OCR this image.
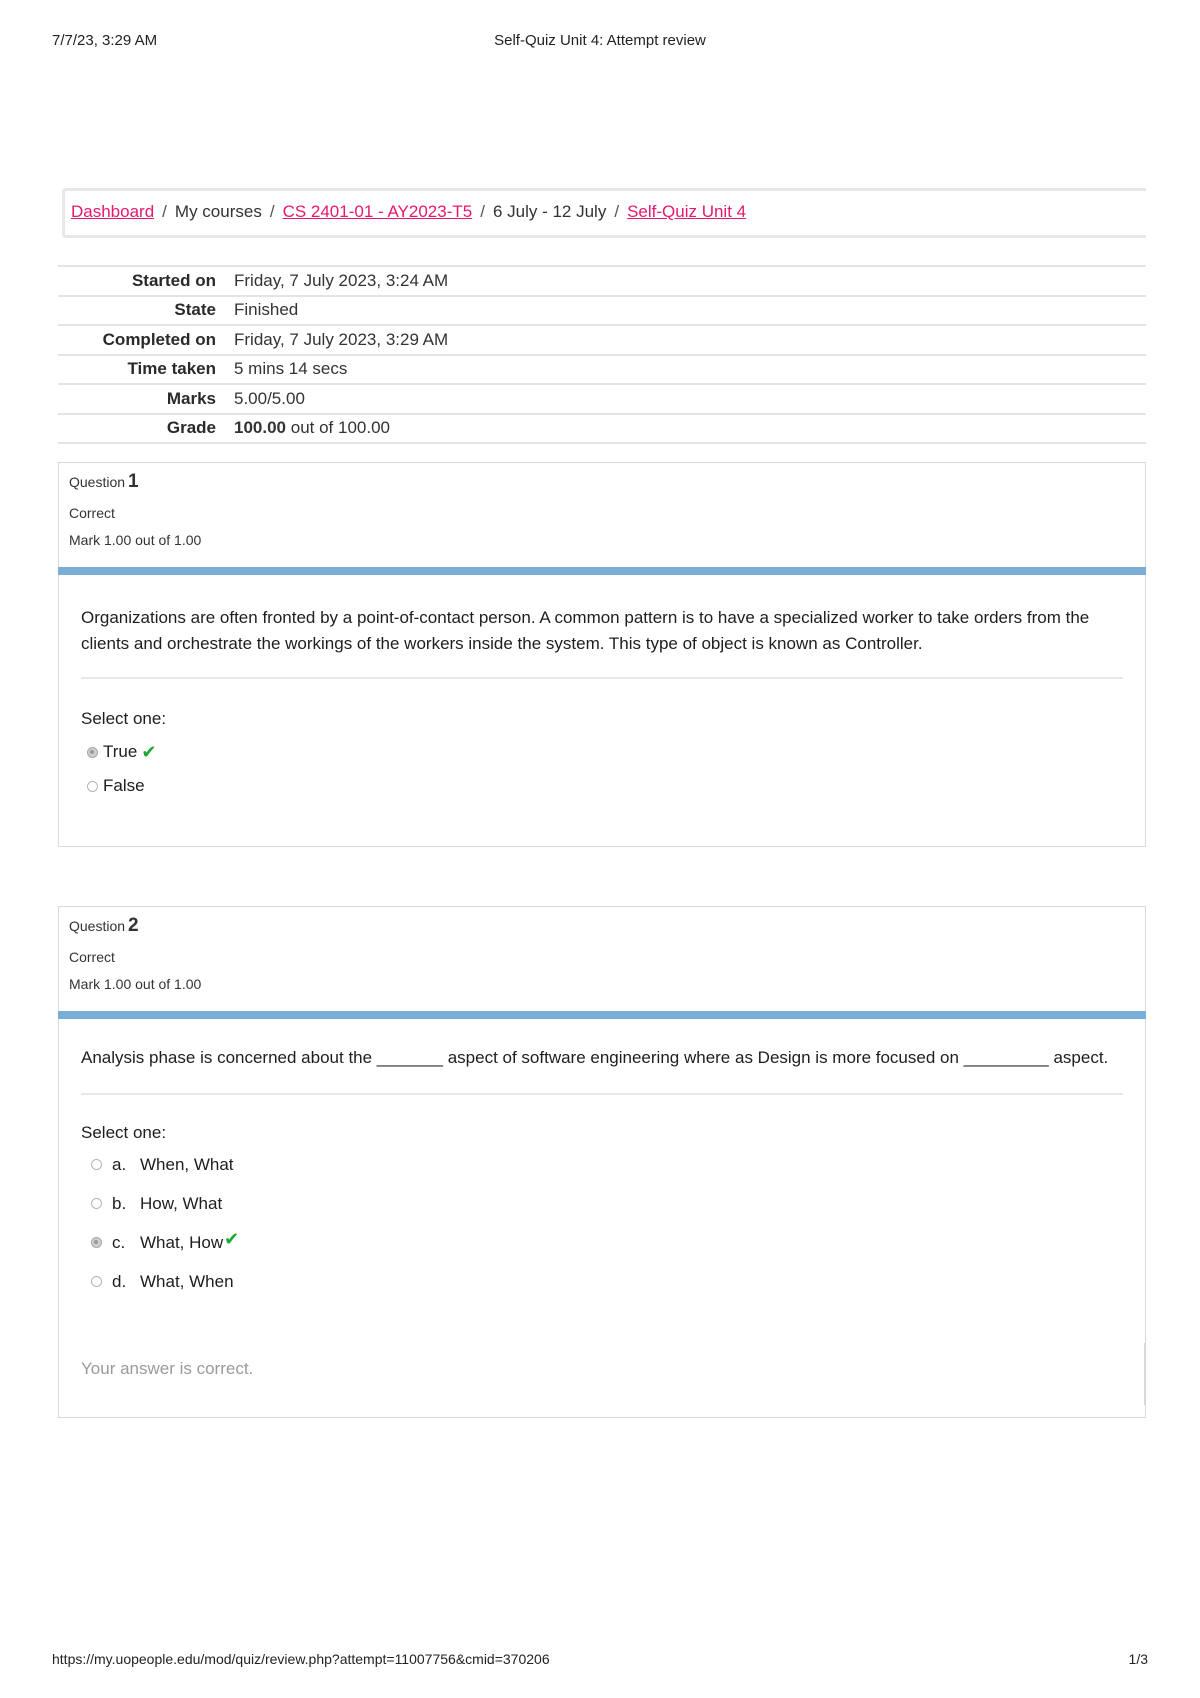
7/7/23, 3:29 AM	Self-Quiz Unit 4: Attempt review
Dashboard / My courses / CS 2401-01 - AY2023-T5 / 6 July - 12 July / Self-Quiz Unit 4
Started on	Friday, 7 July 2023, 3:24 AM
State	Finished
Completed on	Friday, 7 July 2023, 3:29 AM
Time taken	5 mins 14 secs
Marks	5.00/5.00
Grade	100.00 out of 100.00
Question 1
Correct
Mark 1.00 out of 1.00
Organizations are often fronted by a point-of-contact person. A common pattern is to have a specialized worker to take orders from the clients and orchestrate the workings of the workers inside the system. This type of object is known as Controller.
Select one:
True ✔
False
Question 2
Correct
Mark 1.00 out of 1.00
Analysis phase is concerned about the _______ aspect of software engineering where as Design is more focused on _________ aspect.
Select one:
a. When, What
b. How, What
c. What, How ✔
d. What, When
Your answer is correct.
https://my.uopeople.edu/mod/quiz/review.php?attempt=11007756&cmid=370206	1/3
